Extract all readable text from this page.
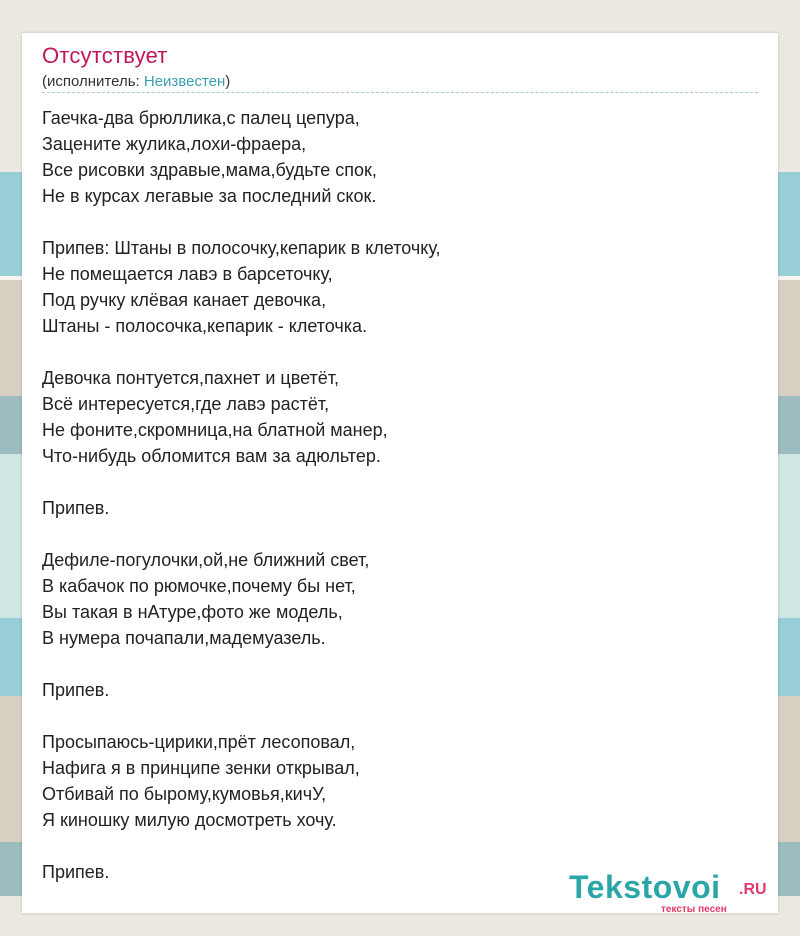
Отсутствует
(исполнитель: Неизвестен)
Гаечка-два брюллика,с палец цепура,
Зацените жулика,лохи-фраера,
Все рисовки здравые,мама,будьте спок,
Не в курсах легавые за последний скок.
Припев: Штаны в полосочку,кепарик в клеточку,
Не помещается лавэ в барсеточку,
Под ручку клёвая канает девочка,
Штаны - полосочка,кепарик - клеточка.
Девочка понтуется,пахнет и цветёт,
Всё интересуется,где лавэ растёт,
Не фоните,скромница,на блатной манер,
Что-нибудь обломится вам за адюльтер.
Припев.
Дефиле-погулочки,ой,не ближний свет,
В кабачок по рюмочке,почему бы нет,
Вы такая в нАтуре,фото же модель,
В нумера почапали,мадемуазель.
Припев.
Просыпаюсь-цирики,прёт лесоповал,
Нафига я в принципе зенки открывал,
Отбивай по бырому,кумовья,кичУ,
Я киношку милую досмотреть хочу.
Припев.	Tekstovoi .RU
тексты песен
